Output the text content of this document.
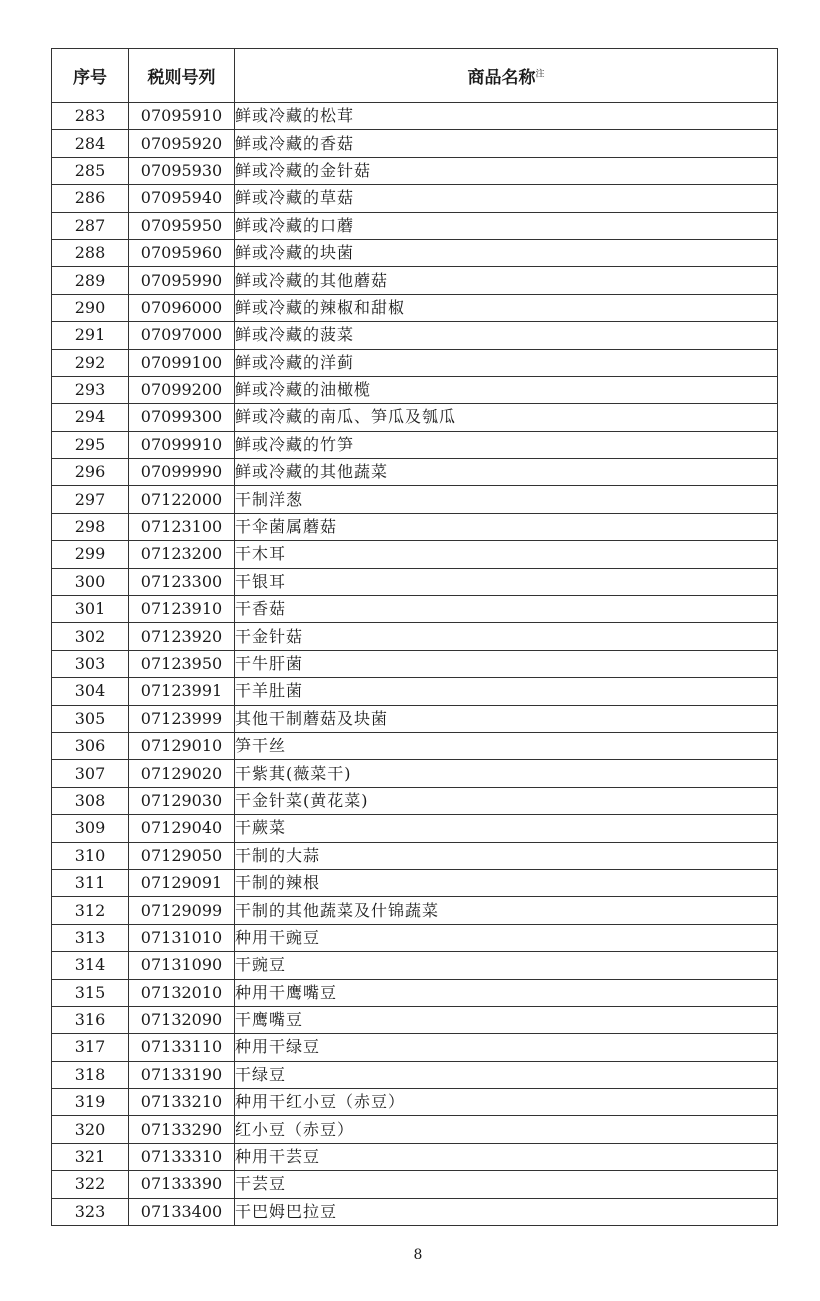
序号	税则号列	商品名称$^注$
283	07095910	鲜或冷藏的松茸
284	07095920	鲜或冷藏的香菇
285	07095930	鲜或冷藏的金针菇
286	07095940	鲜或冷藏的草菇
287	07095950	鲜或冷藏的口蘑
288	07095960	鲜或冷藏的块菌
289	07095990	鲜或冷藏的其他蘑菇
290	07096000	鲜或冷藏的辣椒和甜椒
291	07097000	鲜或冷藏的菠菜
292	07099100	鲜或冷藏的洋蓟
293	07099200	鲜或冷藏的油橄榄
294	07099300	鲜或冷藏的南瓜、笋瓜及瓠瓜
295	07099910	鲜或冷藏的竹笋
296	07099990	鲜或冷藏的其他蔬菜
297	07122000	干制洋葱
298	07123100	干伞菌属蘑菇
299	07123200	干木耳
300	07123300	干银耳
301	07123910	干香菇
302	07123920	干金针菇
303	07123950	干牛肝菌
304	07123991	干羊肚菌
305	07123999	其他干制蘑菇及块菌
306	07129010	笋干丝
307	07129020	干紫萁(薇菜干)
308	07129030	干金针菜(黄花菜)
309	07129040	干蕨菜
310	07129050	干制的大蒜
311	07129091	干制的辣根
312	07129099	干制的其他蔬菜及什锦蔬菜
313	07131010	种用干豌豆
314	07131090	干豌豆
315	07132010	种用干鹰嘴豆
316	07132090	干鹰嘴豆
317	07133110	种用干绿豆
318	07133190	干绿豆
319	07133210	种用干红小豆（赤豆）
320	07133290	红小豆（赤豆）
321	07133310	种用干芸豆
322	07133390	干芸豆
323	07133400	干巴姆巴拉豆
8
